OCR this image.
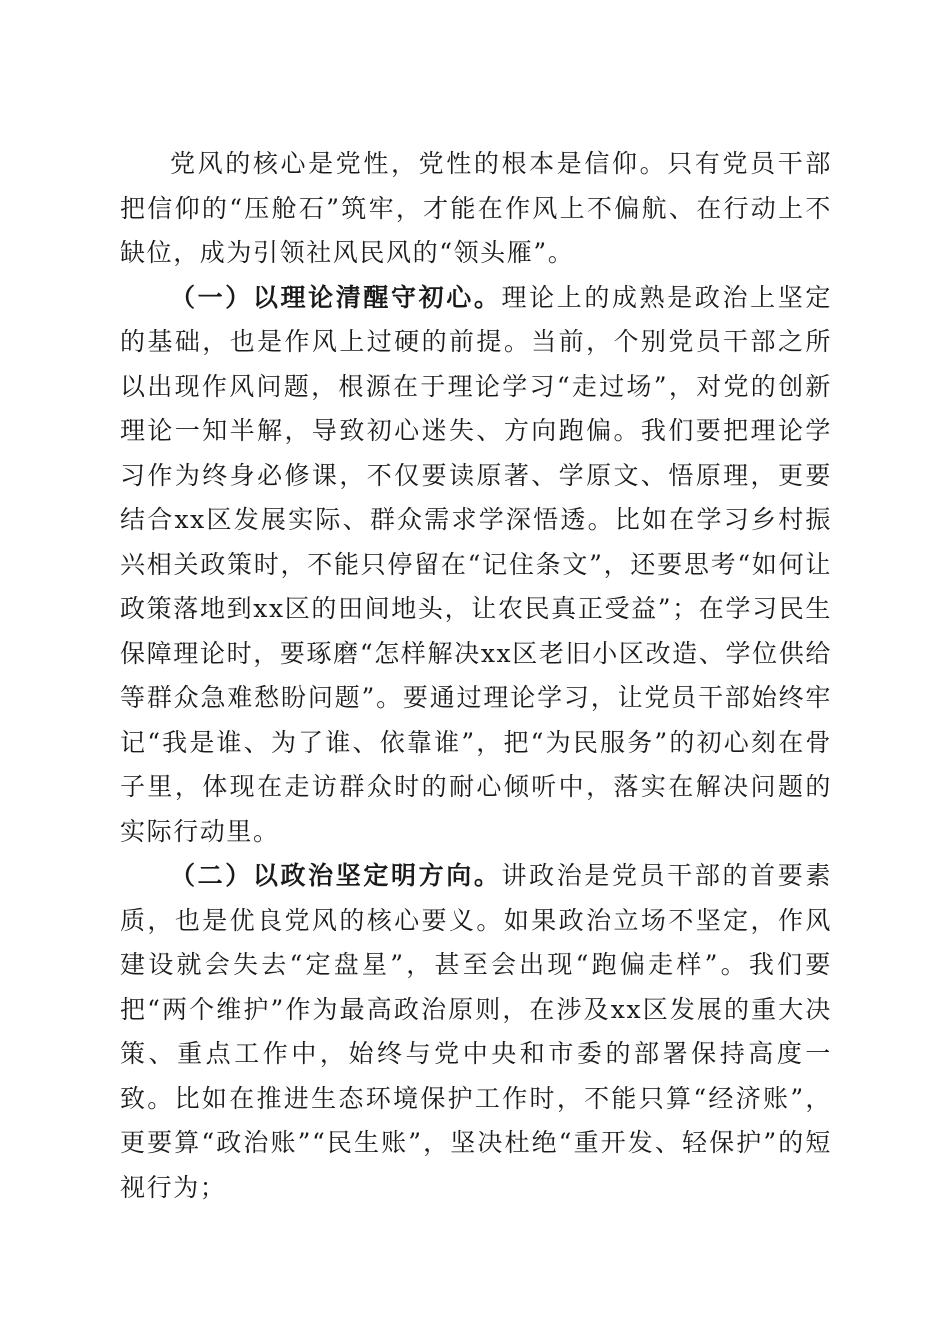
党风的核心是党性，党性的根本是信仰。只有党员干部把信仰的“压舱石”筑牢，才能在作风上不偏航、在行动上不缺位，成为引领社风民风的“领头雁”。

（一）以理论清醒守初心。理论上的成熟是政治上坚定的基础，也是作风上过硬的前提。当前，个别党员干部之所以出现作风问题，根源在于理论学习“走过场”，对党的创新理论一知半解，导致初心迷失、方向跑偏。我们要把理论学习作为终身必修课，不仅要读原著、学原文、悟原理，更要结合xx区发展实际、群众需求学深悟透。比如在学习乡村振兴相关政策时，不能只停留在“记住条文”，还要思考“如何让政策落地到xx区的田间地头，让农民真正受益”；在学习民生保障理论时，要琢磨“怎样解决xx区老旧小区改造、学位供给等群众急难愁盼问题”。要通过理论学习，让党员干部始终牢记“我是谁、为了谁、依靠谁”，把“为民服务”的初心刻在骨子里，体现在走访群众时的耐心倾听中，落实在解决问题的实际行动里。

（二）以政治坚定明方向。讲政治是党员干部的首要素质，也是优良党风的核心要义。如果政治立场不坚定，作风建设就会失去“定盘星”，甚至会出现“跑偏走样”。我们要把“两个维护”作为最高政治原则，在涉及xx区发展的重大决策、重点工作中，始终与党中央和市委的部署保持高度一致。比如在推进生态环境保护工作时，不能只算“经济账”，更要算“政治账”“民生账”，坚决杜绝“重开发、轻保护”的短视行为；
